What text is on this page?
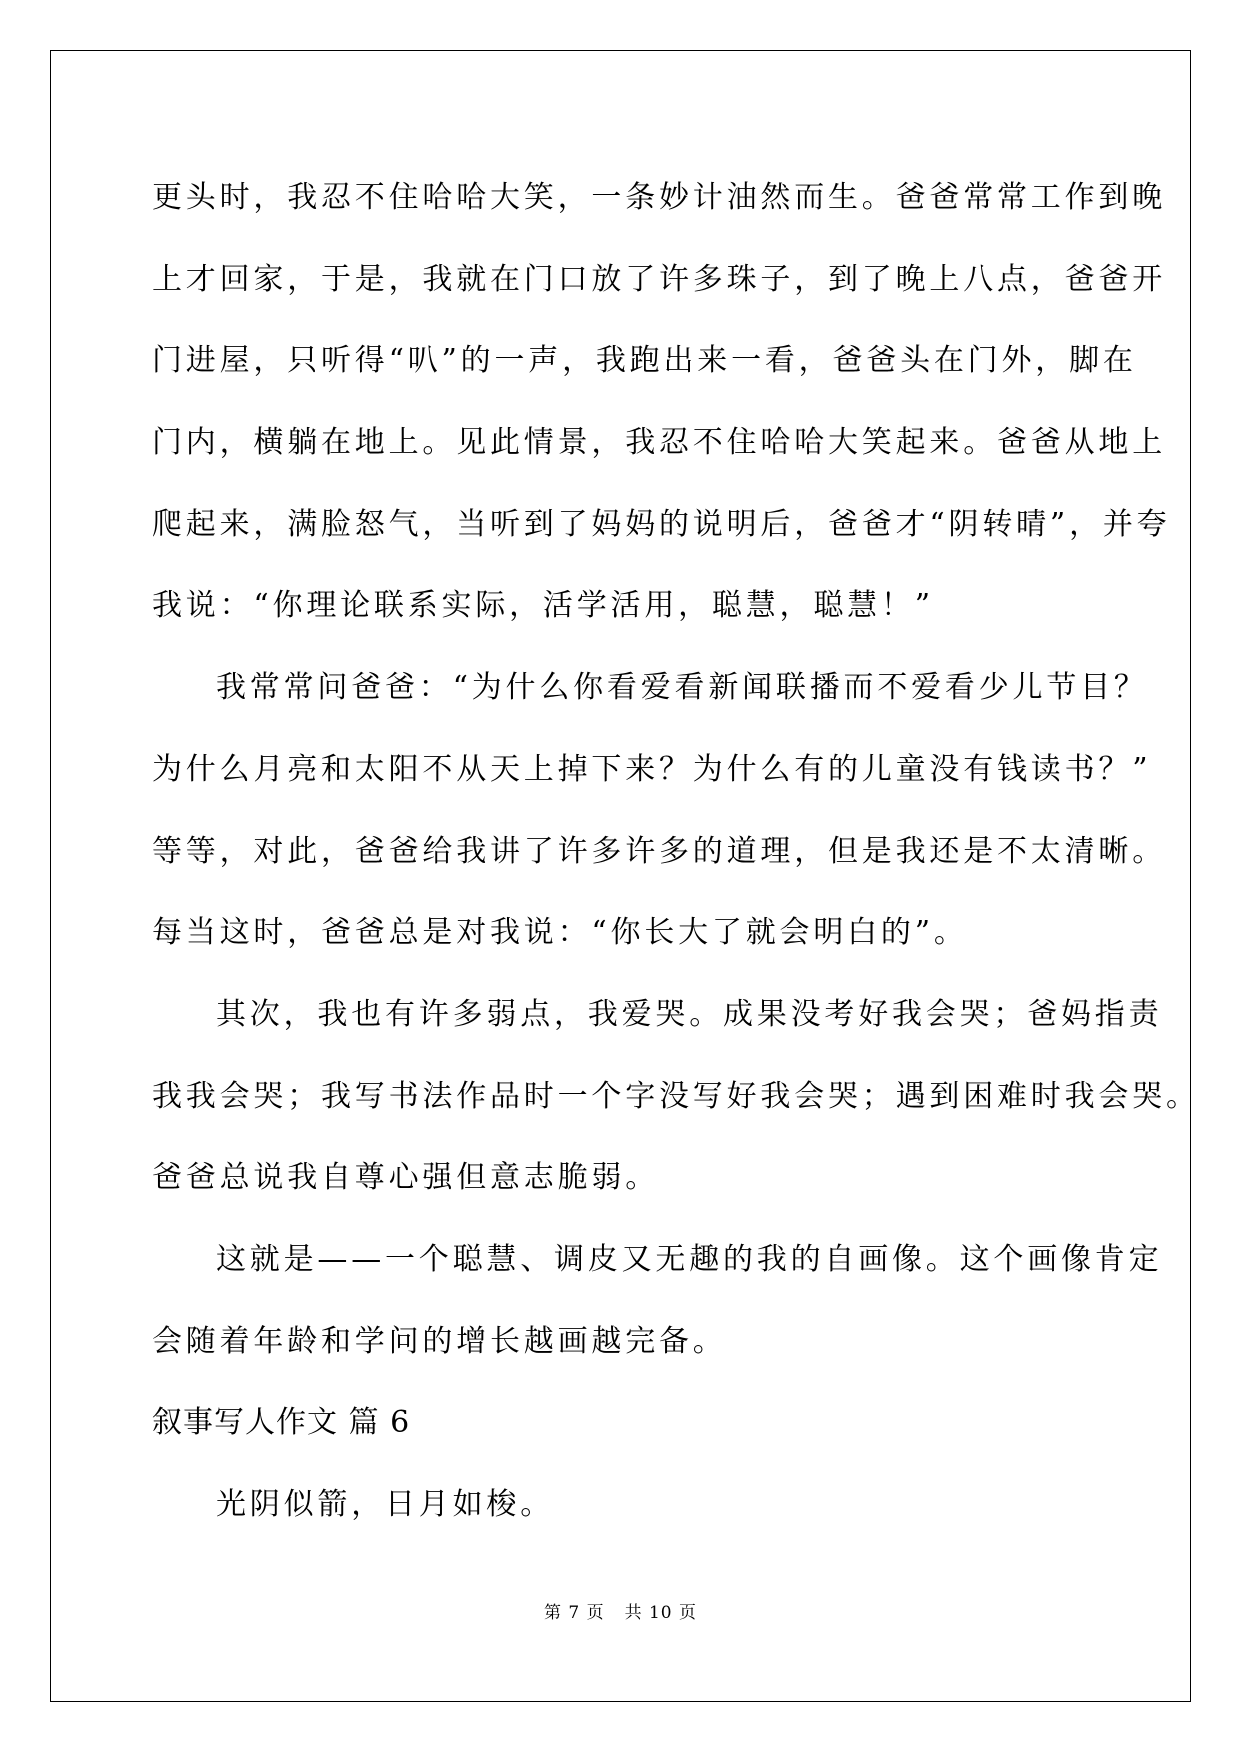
更头时，我忍不住哈哈大笑，一条妙计油然而生。爸爸常常工作到晚
上才回家，于是，我就在门口放了许多珠子，到了晚上八点，爸爸开
门进屋，只听得“叭”的一声，我跑出来一看，爸爸头在门外，脚在
门内，横躺在地上。见此情景，我忍不住哈哈大笑起来。爸爸从地上
爬起来，满脸怒气，当听到了妈妈的说明后，爸爸才“阴转晴”，并夸
我说：“你理论联系实际，活学活用，聪慧，聪慧！”
我常常问爸爸：“为什么你看爱看新闻联播而不爱看少儿节目？
为什么月亮和太阳不从天上掉下来？为什么有的儿童没有钱读书？”
等等，对此，爸爸给我讲了许多许多的道理，但是我还是不太清晰。
每当这时，爸爸总是对我说：“你长大了就会明白的”。
其次，我也有许多弱点，我爱哭。成果没考好我会哭；爸妈指责
我我会哭；我写书法作品时一个字没写好我会哭；遇到困难时我会哭。
爸爸总说我自尊心强但意志脆弱。
这就是——一个聪慧、调皮又无趣的我的自画像。这个画像肯定
会随着年龄和学问的增长越画越完备。
叙事写人作文 篇 6
光阴似箭，日月如梭。
第 7 页 共 10 页
